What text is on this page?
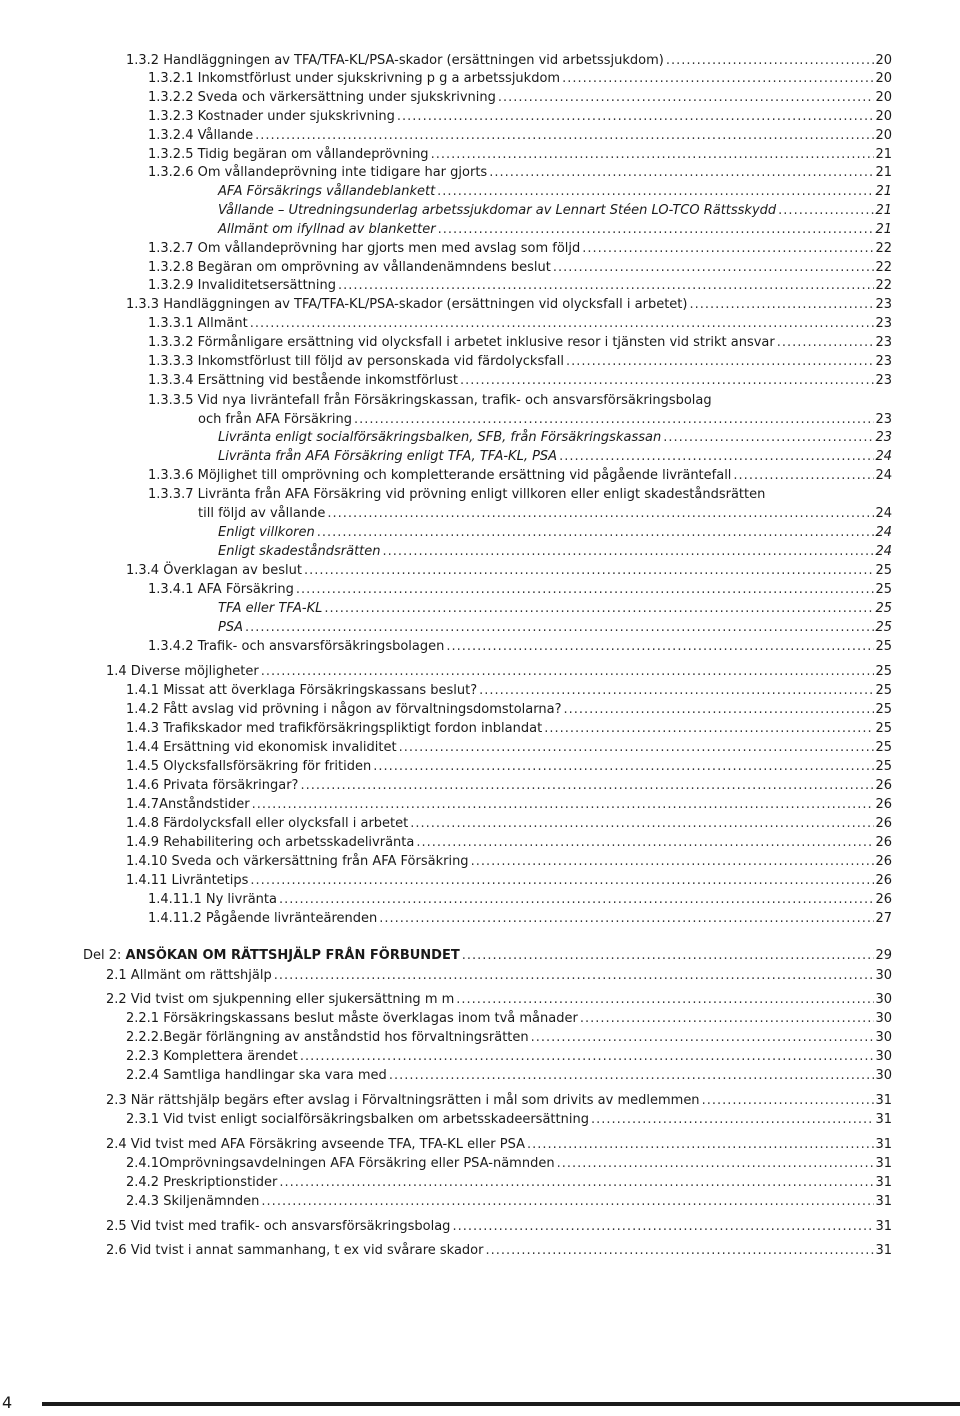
1.3.2 Handläggningen av TFA/TFA-KL/PSA-skador (ersättningen vid arbetssjukdom) .....	20
1.3.2.1 Inkomstförlust under sjukskrivning p g a arbetssjukdom .....	20
1.3.2.2 Sveda och värkersättning under sjukskrivning .....	20
1.3.2.3 Kostnader under sjukskrivning .....	20
1.3.2.4 Vållande .....	20
1.3.2.5 Tidig begäran om vållandeprövning .....	21
1.3.2.6 Om vållandeprövning inte tidigare har gjorts .....	21
AFA Försäkrings vållandeblankett .....	21
Vållande – Utredningsunderlag arbetssjukdomar av Lennart Stéen LO-TCO Rättsskydd .....	21
Allmänt om ifyllnad av blanketter .....	21
1.3.2.7 Om vållandeprövning har gjorts men med avslag som följd .....	22
1.3.2.8 Begäran om omprövning av vållandenämndens beslut .....	22
1.3.2.9 Invaliditetsersättning .....	22
1.3.3 Handläggningen av TFA/TFA-KL/PSA-skador (ersättningen vid olycksfall i arbetet) .....	23
1.3.3.1 Allmänt .....	23
1.3.3.2 Förmånligare ersättning vid olycksfall i arbetet inklusive resor i tjänsten vid strikt ansvar .....	23
1.3.3.3 Inkomstförlust till följd av personskada vid färdolycksfall .....	23
1.3.3.4 Ersättning vid bestående inkomstförlust .....	23
1.3.3.5 Vid nya livräntefall från Försäkringskassan, trafik- och ansvarsförsäkringsbolag
och från AFA Försäkring .....	23
Livränta enligt socialförsäkringsbalken, SFB, från Försäkringskassan .....	23
Livränta från AFA Försäkring enligt TFA, TFA-KL, PSA .....	24
1.3.3.6 Möjlighet till omprövning och kompletterande ersättning vid pågående livräntefall .....	24
1.3.3.7 Livränta från AFA Försäkring vid prövning enligt villkoren eller enligt skadeståndsrätten
till följd av vållande .....	24
Enligt villkoren .....	24
Enligt skadeståndsrätten .....	24
1.3.4 Överklagan av beslut .....	25
1.3.4.1 AFA Försäkring .....	25
TFA eller TFA-KL .....	25
PSA .....	25
1.3.4.2 Trafik- och ansvarsförsäkringsbolagen .....	25
1.4 Diverse möjligheter .....	25
1.4.1 Missat att överklaga Försäkringskassans beslut? .....	25
1.4.2 Fått avslag vid prövning i någon av förvaltningsdomstolarna? .....	25
1.4.3 Trafikskador med trafikförsäkringspliktigt fordon inblandat .....	25
1.4.4 Ersättning vid ekonomisk invaliditet .....	25
1.4.5 Olycksfallsförsäkring för fritiden .....	25
1.4.6 Privata försäkringar? .....	26
1.4.7Anståndstider .....	26
1.4.8 Färdolycksfall eller olycksfall i arbetet .....	26
1.4.9 Rehabilitering och arbetsskadelivränta .....	26
1.4.10 Sveda och värkersättning från AFA Försäkring .....	26
1.4.11 Livräntetips .....	26
1.4.11.1 Ny livränta .....	26
1.4.11.2 Pågående livränteärenden .....	27
Del 2: ANSÖKAN OM RÄTTSHJÄLP FRÅN FÖRBUNDET .....	29
2.1 Allmänt om rättshjälp .....	30
2.2 Vid tvist om sjukpenning eller sjukersättning m m .....	30
2.2.1 Försäkringskassans beslut måste överklagas inom två månader .....	30
2.2.2.Begär förlängning av anståndstid hos förvaltningsrätten .....	30
2.2.3 Komplettera ärendet .....	30
2.2.4 Samtliga handlingar ska vara med .....	30
2.3 När rättshjälp begärs efter avslag i Förvaltningsrätten i mål som drivits av medlemmen .....	31
2.3.1 Vid tvist enligt socialförsäkringsbalken om arbetsskadeersättning .....	31
2.4 Vid tvist med AFA Försäkring avseende TFA, TFA-KL eller PSA .....	31
2.4.1Omprövningsavdelningen AFA Försäkring eller PSA-nämnden .....	31
2.4.2 Preskriptionstider .....	31
2.4.3 Skiljenämnden .....	31
2.5 Vid tvist med trafik- och ansvarsförsäkringsbolag .....	31
2.6 Vid tvist i annat sammanhang, t ex vid svårare skador .....	31
4
